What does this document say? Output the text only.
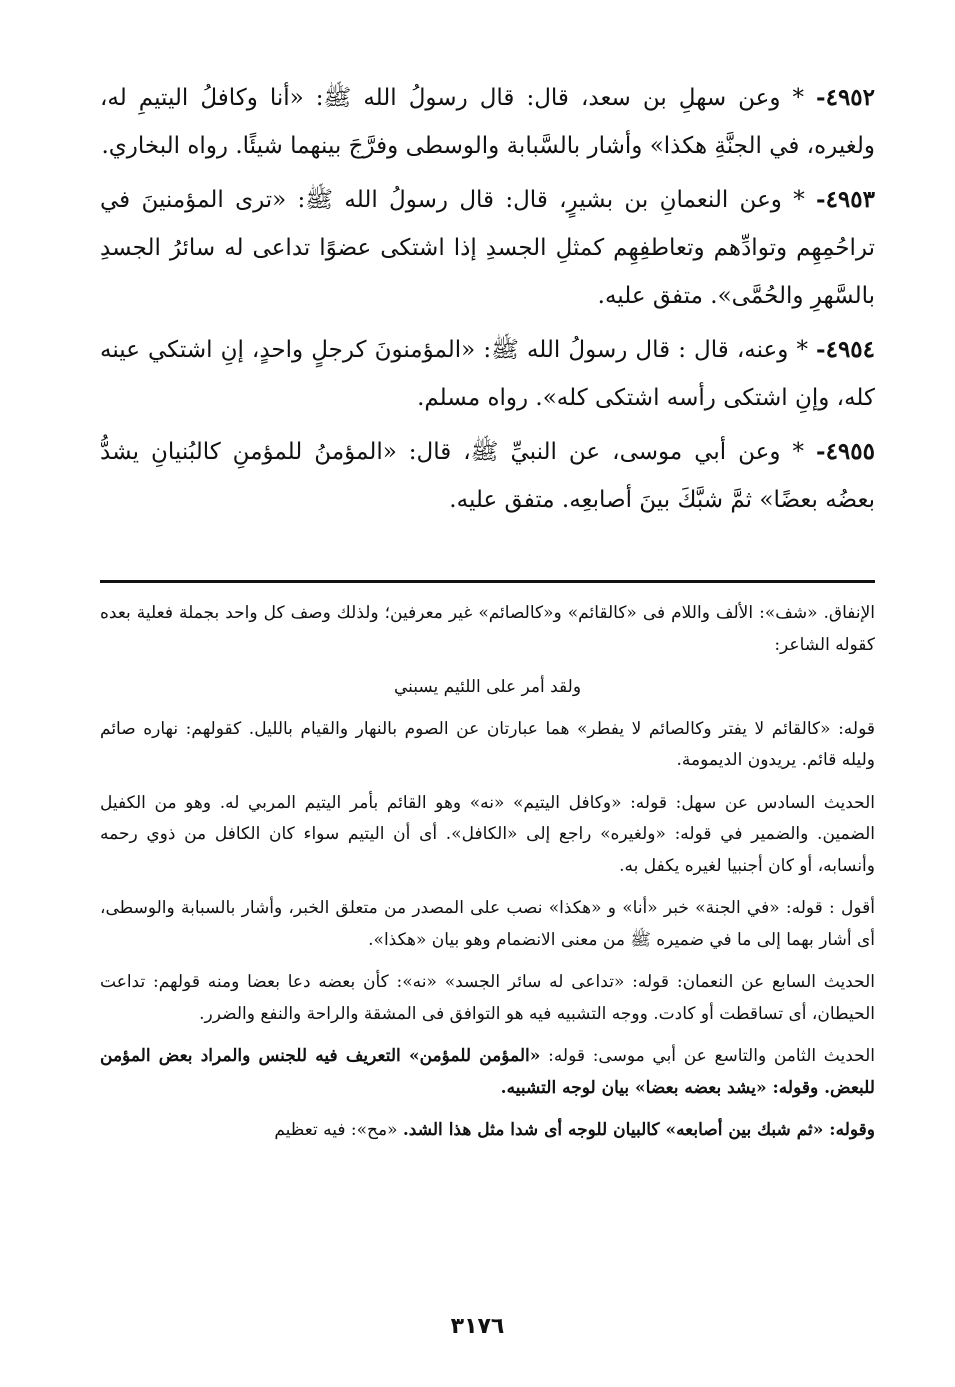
٤٩٥٢- * وعن سهلِ بن سعد، قال: قال رسولُ الله ﷺ: «أنا وكافلُ اليتيمِ له، ولغيره، في الجنَّةِ هكذا» وأشار بالسَّبابة والوسطى وفرَّجَ بينهما شيئًا. رواه البخاري.

٤٩٥٣- * وعن النعمانِ بن بشيرٍ، قال: قال رسولُ الله ﷺ: «ترى المؤمنينَ في تراحُمِهِم وتوادِّهم وتعاطفِهِم كمثلِ الجسدِ إذا اشتكى عضوًا تداعى له سائرُ الجسدِ بالسَّهرِ والحُمَّى». متفق عليه.

٤٩٥٤- * وعنه، قال : قال رسولُ الله ﷺ: «المؤمنونَ كرجلٍ واحدٍ، إنِ اشتكي عينه كله، وإنِ اشتكى رأسه اشتكى كله». رواه مسلم.

٤٩٥٥- * وعن أبي موسى، عن النبيِّ ﷺ، قال: «المؤمنُ للمؤمنِ كالبُنيانِ يشدُّ بعضُه بعضًا» ثمَّ شبَّكَ بينَ أصابعِه. متفق عليه.

الإنفاق. «شف»: الألف واللام فى «كالقائم» و«كالصائم» غير معرفين؛ ولذلك وصف كل واحد بجملة فعلية بعده كقوله الشاعر:

ولقد أمر على اللئيم يسبني

قوله: «كالقائم لا يفتر وكالصائم لا يفطر» هما عبارتان عن الصوم بالنهار والقيام بالليل. كقولهم: نهاره صائم وليله قائم. يريدون الديمومة.

الحديث السادس عن سهل: قوله: «وكافل اليتيم» «نه» وهو القائم بأمر اليتيم المربي له. وهو من الكفيل الضمين. والضمير في قوله: «ولغيره» راجع إلى «الكافل». أى أن اليتيم سواء كان الكافل من ذوي رحمه وأنسابه، أو كان أجنبيا لغيره يكفل به.

أقول : قوله: «في الجنة» خبر «أنا» و «هكذا» نصب على المصدر من متعلق الخبر، وأشار بالسبابة والوسطى، أى أشار بهما إلى ما في ضميره ﷺ من معنى الانضمام وهو بيان «هكذا».

الحديث السابع عن النعمان: قوله: «تداعى له سائر الجسد» «نه»: كأن بعضه دعا بعضا ومنه قولهم: تداعت الحيطان، أى تساقطت أو كادت. ووجه التشبيه فيه هو التوافق فى المشقة والراحة والنفع والضرر.

الحديث الثامن والتاسع عن أبي موسى: قوله: «المؤمن للمؤمن» التعريف فيه للجنس والمراد بعض المؤمن للبعض. وقوله: «يشد بعضه بعضا» بيان لوجه التشبيه.

وقوله: «ثم شبك بين أصابعه» كالبيان للوجه أى شدا مثل هذا الشد. «مح»: فيه تعظيم

٣١٧٦
